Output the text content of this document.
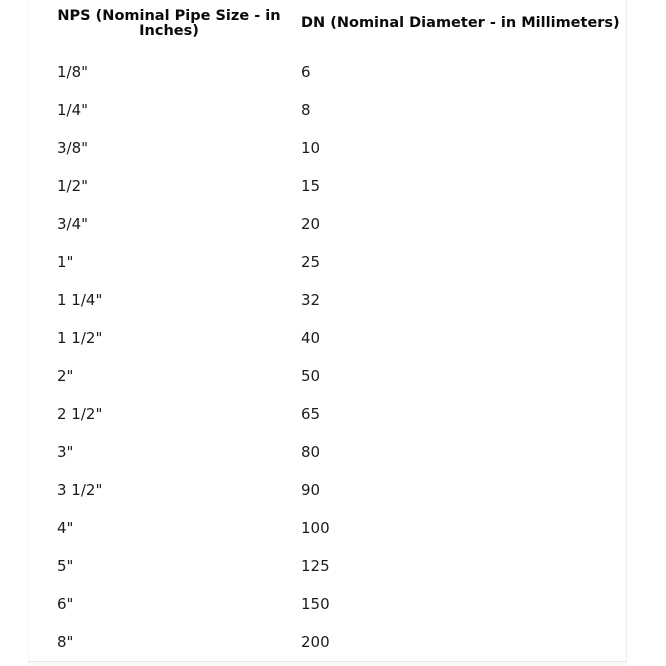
NPS (Nominal Pipe Size - in Inches)	DN (Nominal Diameter - in Millimeters)
1/8"	6
1/4"	8
3/8"	10
1/2"	15
3/4"	20
1"	25
1 1/4"	32
1 1/2"	40
2"	50
2 1/2"	65
3"	80
3 1/2"	90
4"	100
5"	125
6"	150
8"	200
